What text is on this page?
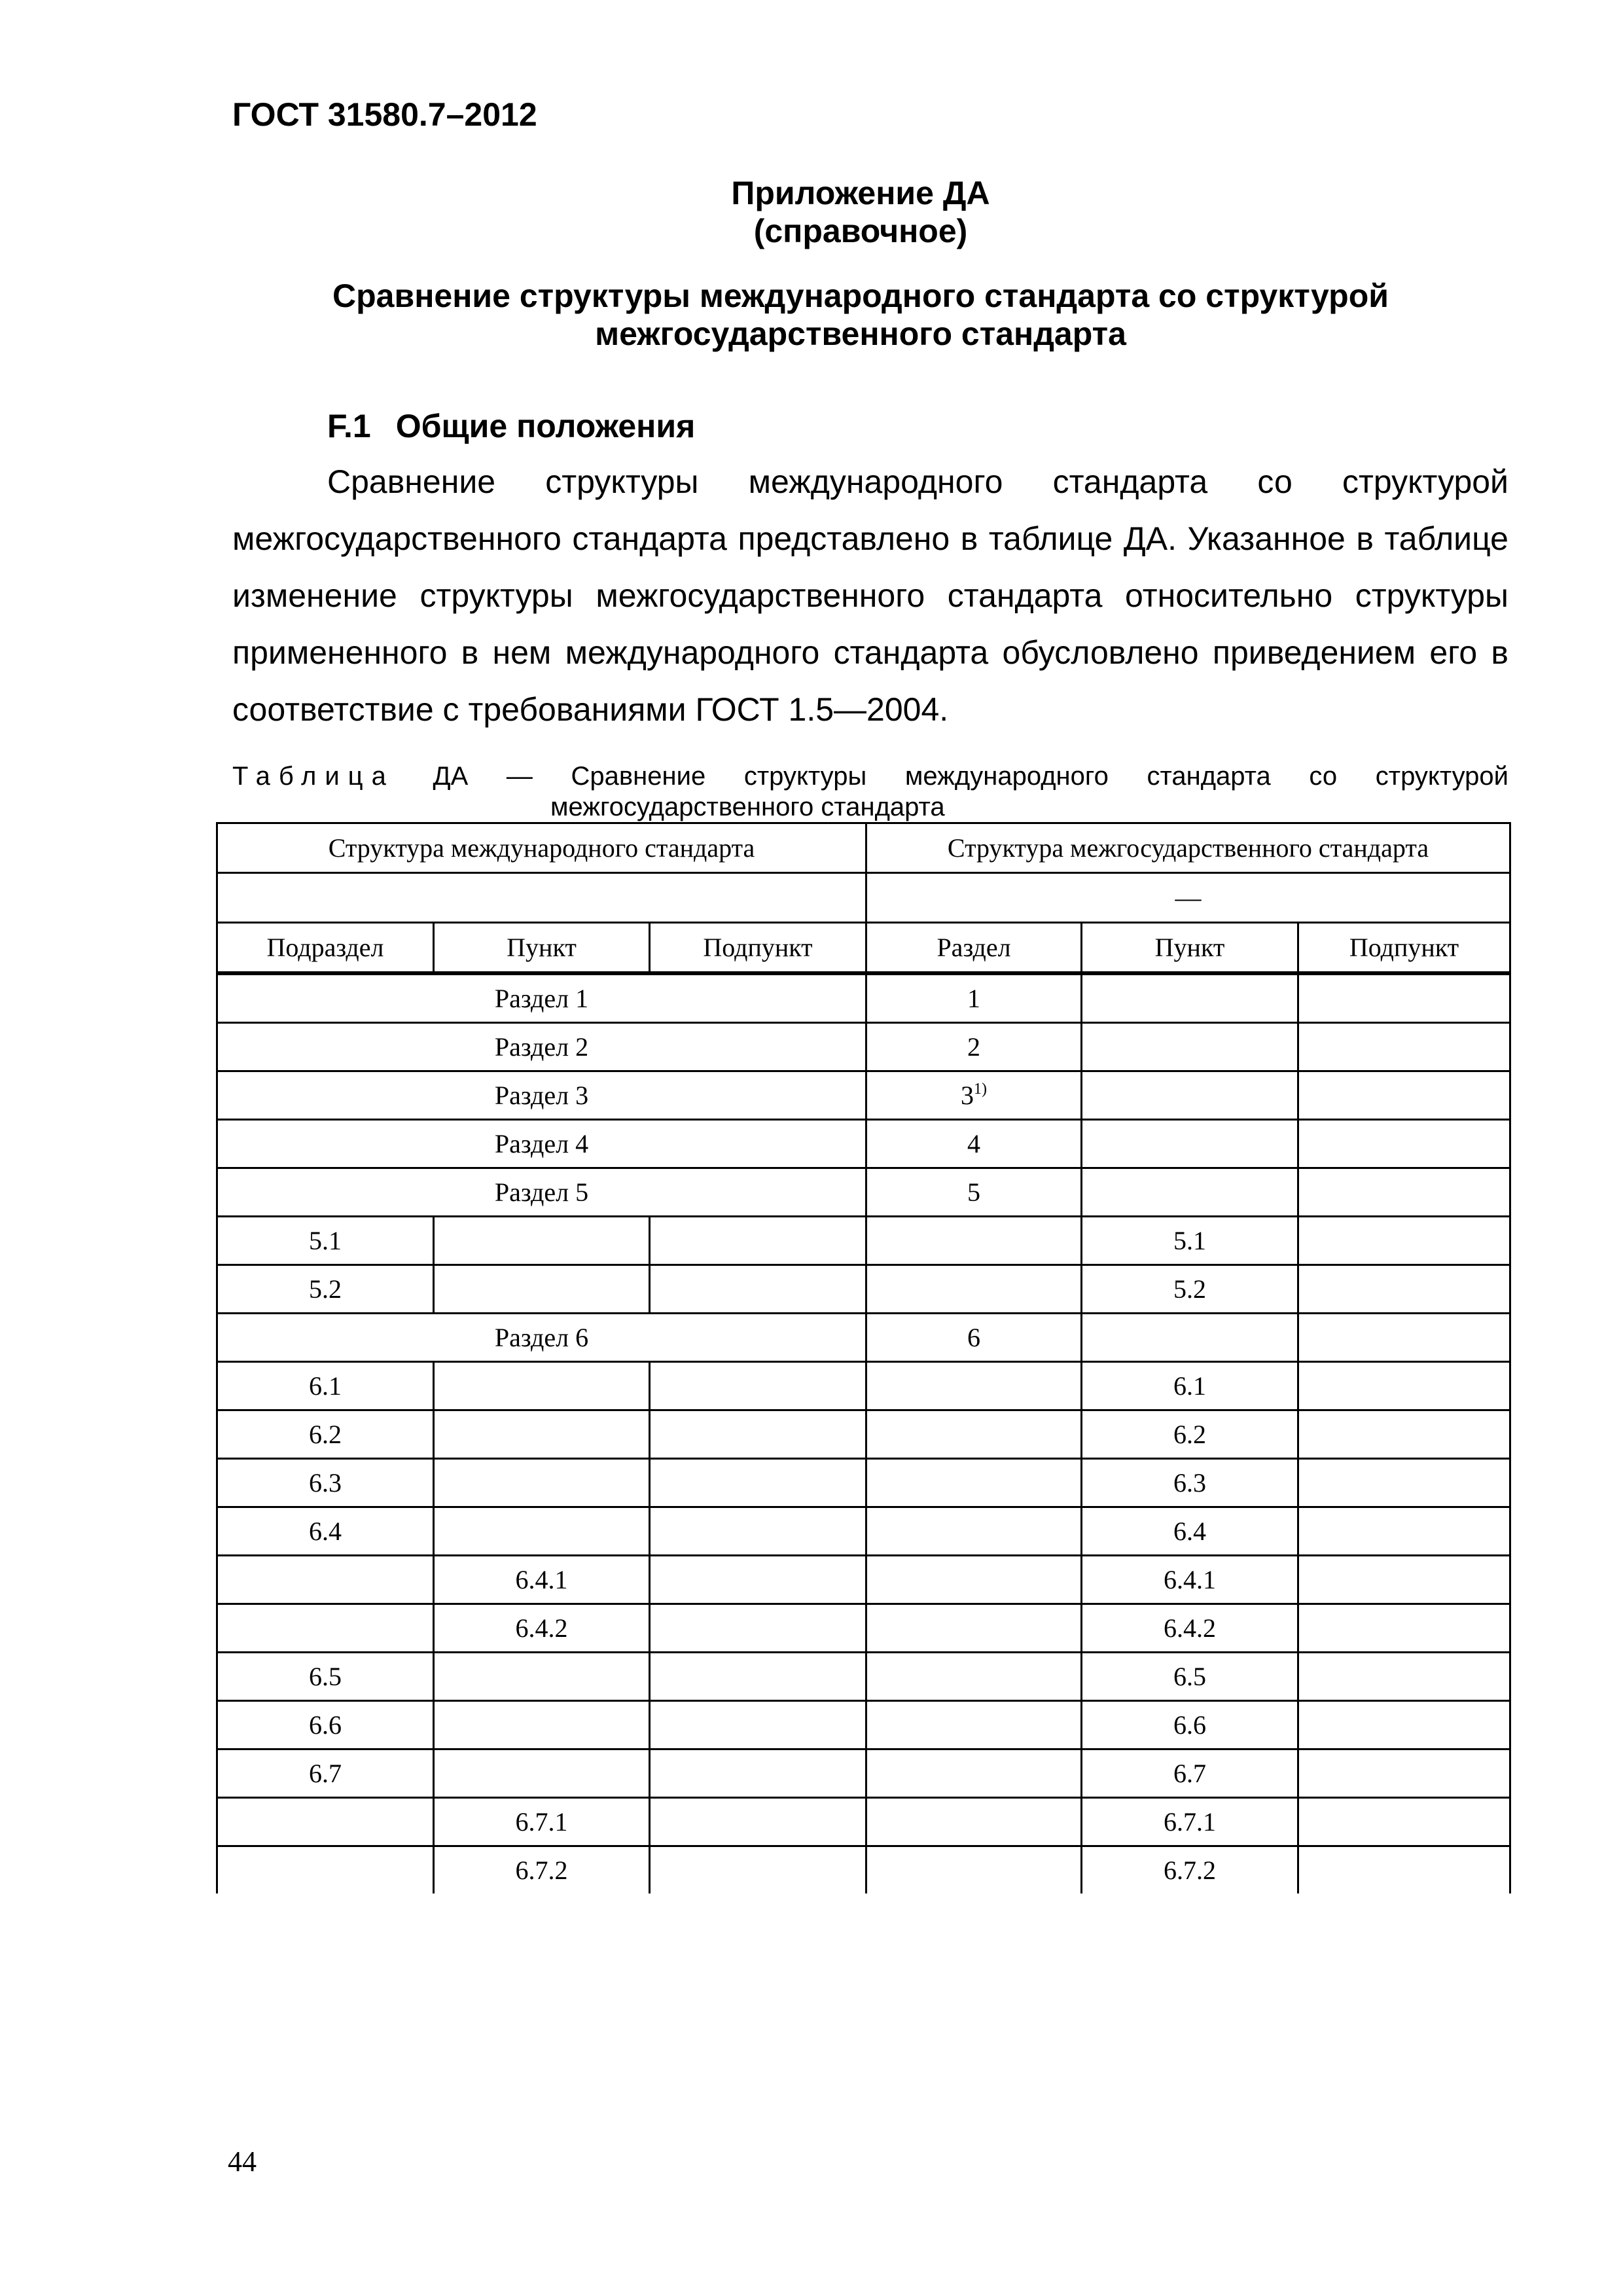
ГОСТ 31580.7–2012
Приложение ДА
(справочное)
Сравнение структуры международного стандарта со структурой
межгосударственного стандарта
F.1 Общие положения
Сравнение структуры международного стандарта со структурой межгосударственного стандарта представлено в таблице ДА. Указанное в таблице изменение структуры межгосударственного стандарта относительно структуры примененного в нем международного стандарта обусловлено приведением его в соответствие с требованиями ГОСТ 1.5—2004.
Таблица ДА — Сравнение структуры международного стандарта со структурой
межгосударственного стандарта
Структура международного стандарта			Структура межгосударственного стандарта		
			—		
Подраздел	Пункт	Подпункт	Раздел	Пункт	Подпункт
Раздел 1			1		
Раздел 2			2		
Раздел 3			3$^{1)}$		
Раздел 4			4		
Раздел 5			5		
5.1				5.1	
5.2				5.2	
Раздел 6			6		
6.1				6.1	
6.2				6.2	
6.3				6.3	
6.4				6.4	
	6.4.1			6.4.1	
	6.4.2			6.4.2	
6.5				6.5	
6.6				6.6	
6.7				6.7	
	6.7.1			6.7.1	
	6.7.2			6.7.2	
44
